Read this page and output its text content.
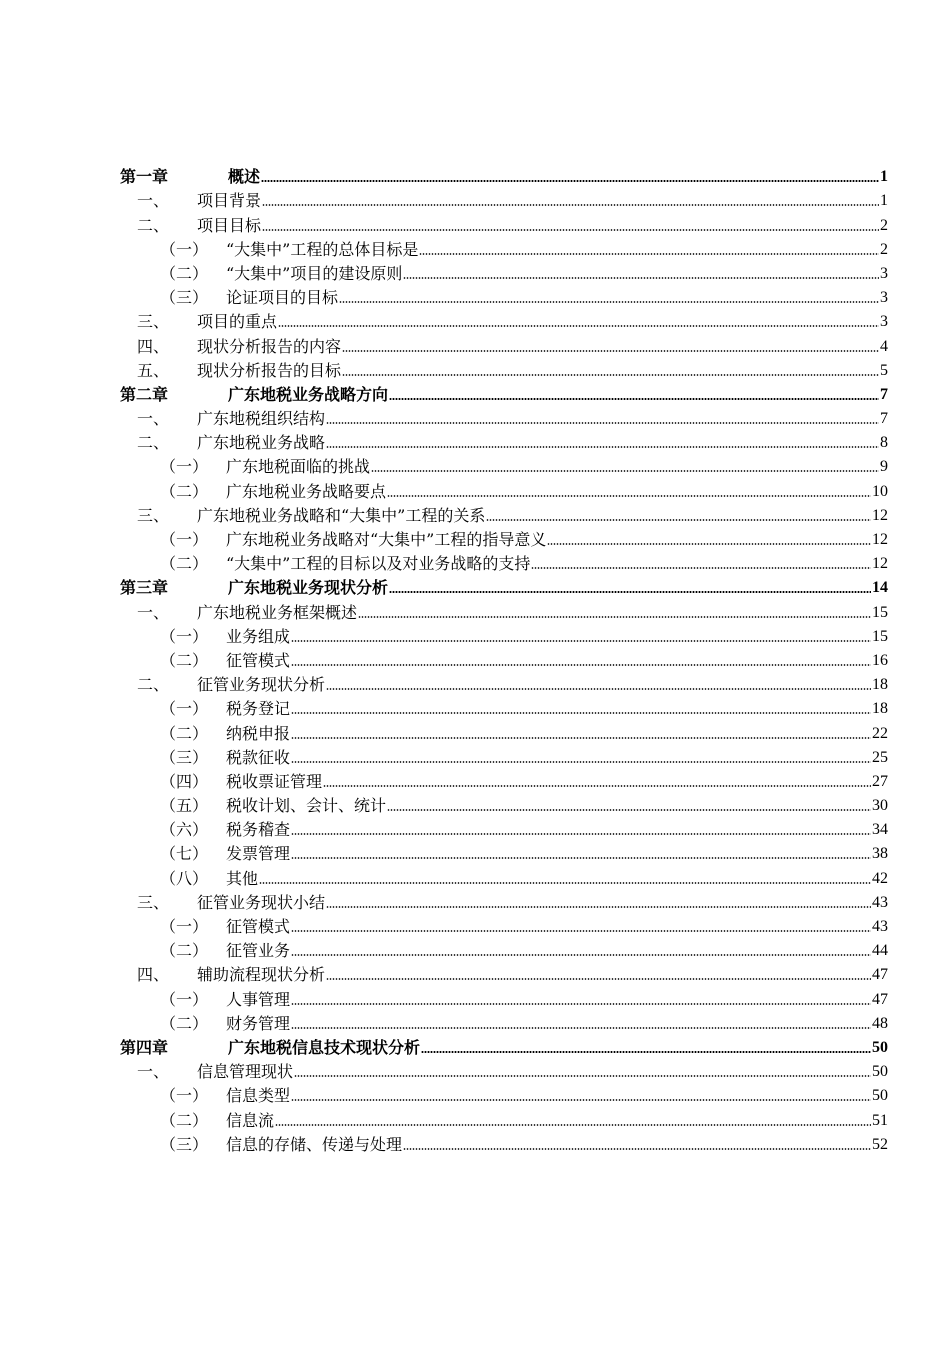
第一章	概述	1
一、	项目背景	1
二、	项目目标	2
（一）	“大集中”工程的总体目标是	2
（二）	“大集中”项目的建设原则	3
（三）	论证项目的目标	3
三、	项目的重点	3
四、	现状分析报告的内容	4
五、	现状分析报告的目标	5
第二章	广东地税业务战略方向	7
一、	广东地税组织结构	7
二、	广东地税业务战略	8
（一）	广东地税面临的挑战	9
（二）	广东地税业务战略要点	10
三、	广东地税业务战略和“大集中”工程的关系	12
（一）	广东地税业务战略对“大集中”工程的指导意义	12
（二）	“大集中”工程的目标以及对业务战略的支持	12
第三章	广东地税业务现状分析	14
一、	广东地税业务框架概述	15
（一）	业务组成	15
（二）	征管模式	16
二、	征管业务现状分析	18
（一）	税务登记	18
（二）	纳税申报	22
（三）	税款征收	25
（四）	税收票证管理	27
（五）	税收计划、会计、统计	30
（六）	税务稽查	34
（七）	发票管理	38
（八）	其他	42
三、	征管业务现状小结	43
（一）	征管模式	43
（二）	征管业务	44
四、	辅助流程现状分析	47
（一）	人事管理	47
（二）	财务管理	48
第四章	广东地税信息技术现状分析	50
一、	信息管理现状	50
（一）	信息类型	50
（二）	信息流	51
（三）	信息的存储、传递与处理	52
